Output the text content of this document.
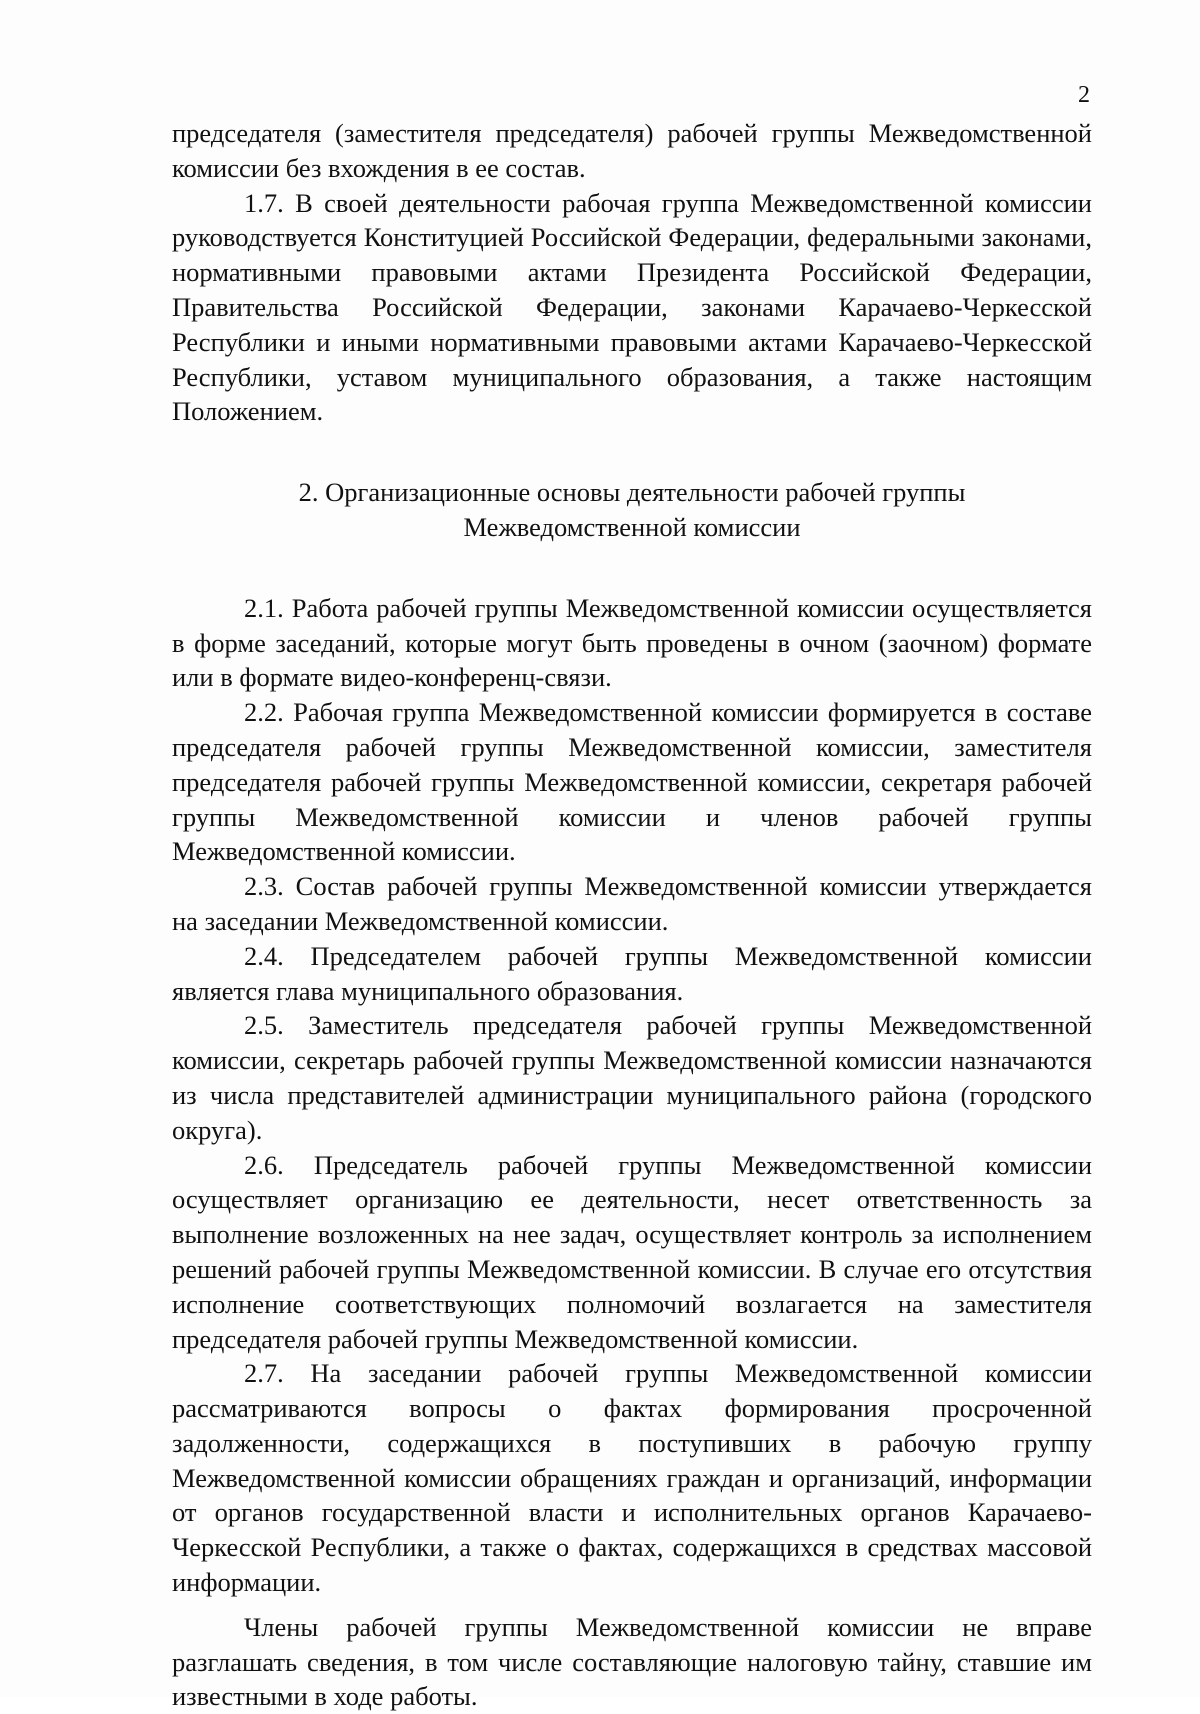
2

председателя (заместителя председателя) рабочей группы Межведомственной комиссии без вхождения в ее состав.

1.7. В своей деятельности рабочая группа Межведомственной комиссии руководствуется Конституцией Российской Федерации, федеральными законами, нормативными правовыми актами Президента Российской Федерации, Правительства Российской Федерации, законами Карачаево-Черкесской Республики и иными нормативными правовыми актами Карачаево-Черкесской Республики, уставом муниципального образования, а также настоящим Положением.

2. Организационные основы деятельности рабочей группы
Межведомственной комиссии

2.1. Работа рабочей группы Межведомственной комиссии осуществляется в форме заседаний, которые могут быть проведены в очном (заочном) формате или в формате видео-конференц-связи.

2.2. Рабочая группа Межведомственной комиссии формируется в составе председателя рабочей группы Межведомственной комиссии, заместителя председателя рабочей группы Межведомственной комиссии, секретаря рабочей группы Межведомственной комиссии и членов рабочей группы Межведомственной комиссии.

2.3. Состав рабочей группы Межведомственной комиссии утверждается на заседании Межведомственной комиссии.

2.4. Председателем рабочей группы Межведомственной комиссии является глава муниципального образования.

2.5. Заместитель председателя рабочей группы Межведомственной комиссии, секретарь рабочей группы Межведомственной комиссии назначаются из числа представителей администрации муниципального района (городского округа).

2.6. Председатель рабочей группы Межведомственной комиссии осуществляет организацию ее деятельности, несет ответственность за выполнение возложенных на нее задач, осуществляет контроль за исполнением решений рабочей группы Межведомственной комиссии. В случае его отсутствия исполнение соответствующих полномочий возлагается на заместителя председателя рабочей группы Межведомственной комиссии.

2.7. На заседании рабочей группы Межведомственной комиссии рассматриваются вопросы о фактах формирования просроченной задолженности, содержащихся в поступивших в рабочую группу Межведомственной комиссии обращениях граждан и организаций, информации от органов государственной власти и исполнительных органов Карачаево-Черкесской Республики, а также о фактах, содержащихся в средствах массовой информации.

Члены рабочей группы Межведомственной комиссии не вправе разглашать сведения, в том числе составляющие налоговую тайну, ставшие им известными в ходе работы.
